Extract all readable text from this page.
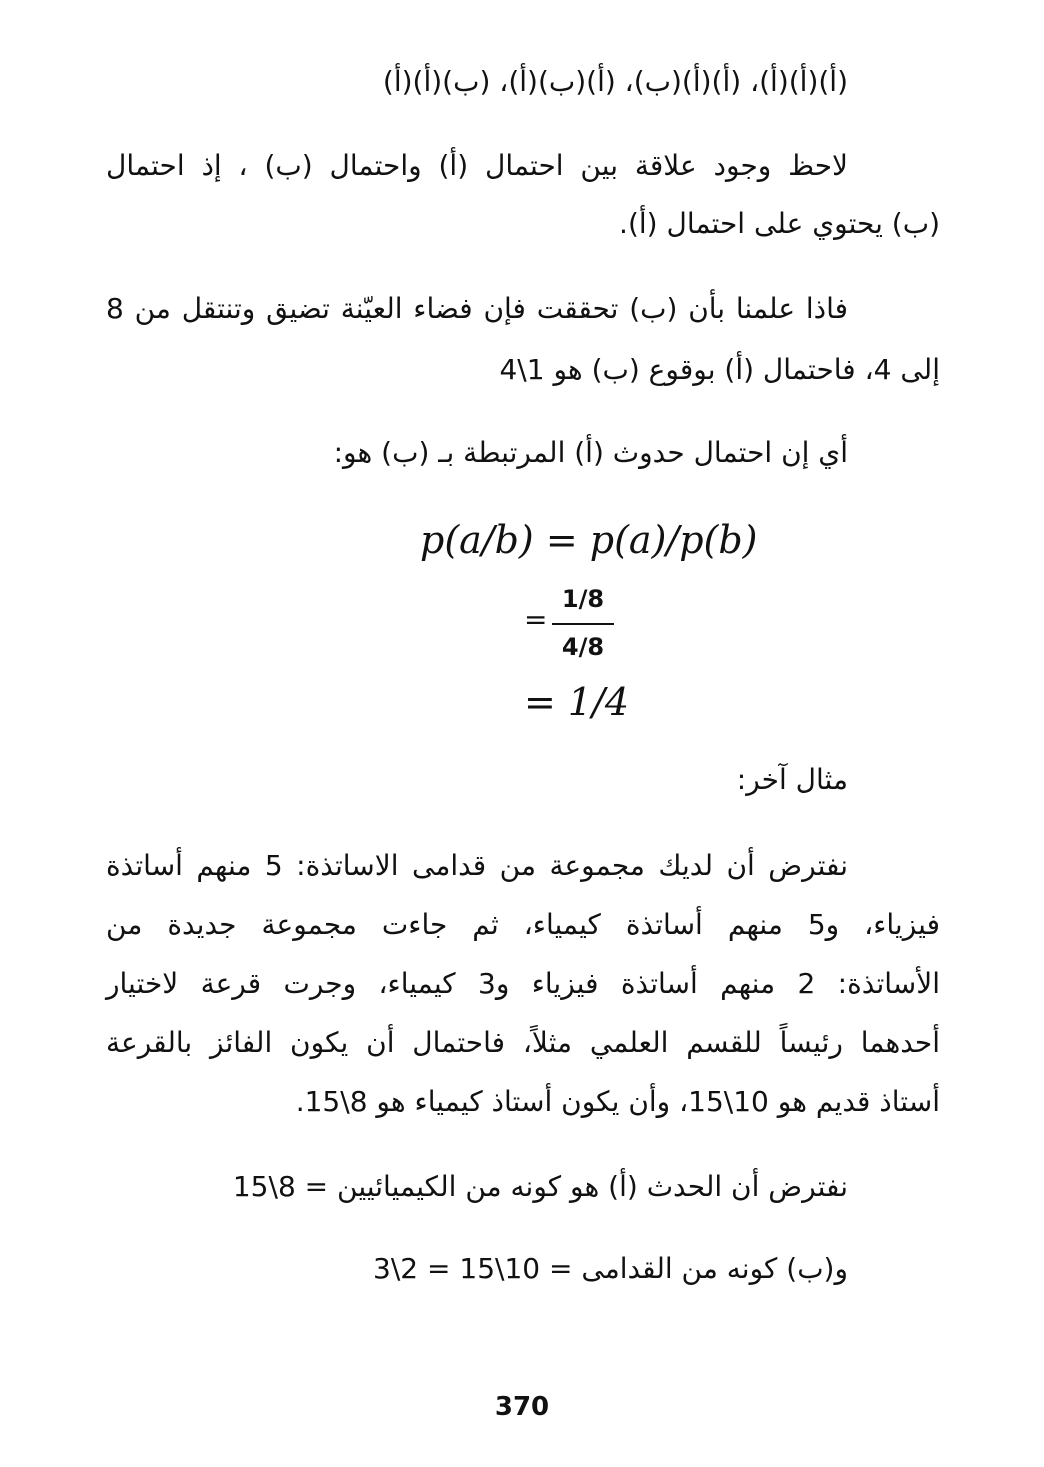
(أ)(أ)(أ)، (أ)(أ)(ب)، (أ)(ب)(أ)، (ب)(أ)(أ)
لاحظ وجود علاقة بين احتمال (أ) واحتمال (ب) ، إذ احتمال
(ب) يحتوي على احتمال (أ).
فاذا علمنا بأن (ب) تحققت فإن فضاء العيّنة تضيق وتنتقل من 8
إلى 4، فاحتمال (أ) بوقوع (ب) هو 1\4
أي إن احتمال حدوث (أ) المرتبطة بـ (ب) هو:
p(a/b) = p(a)/p(b)
=
1/8
4/8
= 1/4
مثال آخر:
نفترض أن لديك مجموعة من قدامى الاساتذة: 5 منهم أساتذة
فيزياء، و5 منهم أساتذة كيمياء، ثم جاءت مجموعة جديدة من
الأساتذة: 2 منهم أساتذة فيزياء و3 كيمياء، وجرت قرعة لاختيار
أحدهما رئيساً للقسم العلمي مثلاً، فاحتمال أن يكون الفائز بالقرعة
أستاذ قديم هو 10\15، وأن يكون أستاذ كيمياء هو 8\15.
نفترض أن الحدث (أ) هو كونه من الكيميائيين = 8\15
و(ب) كونه من القدامى = 10\15 = 2\3
370
